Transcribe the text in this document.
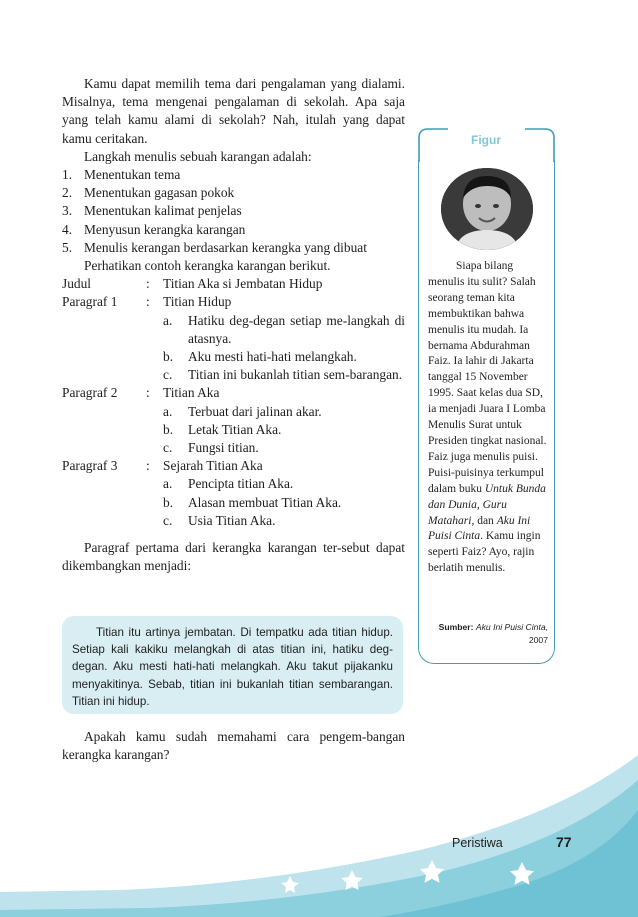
Kamu dapat memilih tema dari pengalaman yang dialami. Misalnya, tema mengenai pengalaman di sekolah. Apa saja yang telah kamu alami di sekolah? Nah, itulah yang dapat kamu ceritakan.

Langkah menulis sebuah karangan adalah:

1. Menentukan tema
2. Menentukan gagasan pokok
3. Menentukan kalimat penjelas
4. Menyusun kerangka karangan
5. Menulis kerangan berdasarkan kerangka yang dibuat

Perhatikan contoh kerangka karangan berikut.

Judul	: Titian Aka si Jembatan Hidup
Paragraf 1 : Titian Hidup
a. Hatiku deg-degan setiap me-langkah di atasnya.
b. Aku mesti hati-hati melangkah.
c. Titian ini bukanlah titian sem-barangan.
Paragraf 2 : Titian Aka
a. Terbuat dari jalinan akar.
b. Letak Titian Aka.
c. Fungsi titian.
Paragraf 3 : Sejarah Titian Aka
a. Pencipta titian Aka.
b. Alasan membuat Titian Aka.
c. Usia Titian Aka.

Paragraf pertama dari kerangka karangan ter-sebut dapat dikembangkan menjadi:

Titian itu artinya jembatan. Di tempatku ada titian hidup. Setiap kali kakiku melangkah di atas titian ini, hatiku deg-degan. Aku mesti hati-hati melangkah. Aku takut pijakanku menyakitinya. Sebab, titian ini bukanlah titian sembarangan. Titian ini hidup.

Apakah kamu sudah memahami cara pengem-bangan kerangka karangan?

Figur

Siapa bilang menulis itu sulit? Salah seorang teman kita membuktikan bahwa menulis itu mudah. Ia bernama Abdurahman Faiz. Ia lahir di Jakarta tanggal 15 November 1995. Saat kelas dua SD, ia menjadi Juara I Lomba Menulis Surat untuk Presiden tingkat nasional. Faiz juga menulis puisi. Puisi-puisinya terkumpul dalam buku Untuk Bunda dan Dunia, Guru Matahari, dan Aku Ini Puisi Cinta. Kamu ingin seperti Faiz? Ayo, rajin berlatih menulis.

Sumber: Aku Ini Puisi Cinta,
2007
Peristiwa	77
